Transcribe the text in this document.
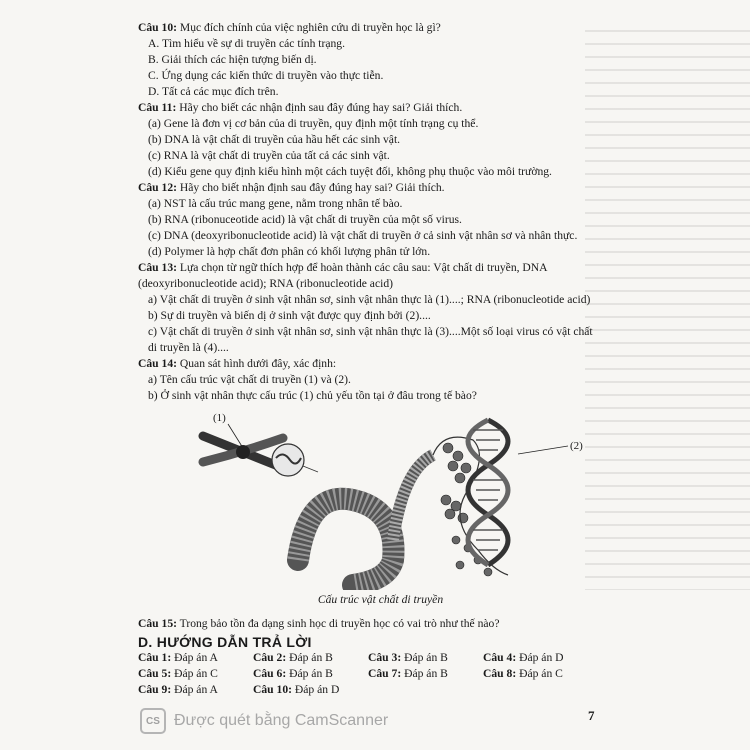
Câu 10: Mục đích chính của việc nghiên cứu di truyền học là gì?
A. Tìm hiểu về sự di truyền các tính trạng.
B. Giải thích các hiện tượng biến dị.
C. Ứng dụng các kiến thức di truyền vào thực tiễn.
D. Tất cả các mục đích trên.
Câu 11: Hãy cho biết các nhận định sau đây đúng hay sai? Giải thích.
(a) Gene là đơn vị cơ bản của di truyền, quy định một tính trạng cụ thể.
(b) DNA là vật chất di truyền của hầu hết các sinh vật.
(c) RNA là vật chất di truyền của tất cả các sinh vật.
(d) Kiểu gene quy định kiểu hình một cách tuyệt đối, không phụ thuộc vào môi trường.
Câu 12: Hãy cho biết nhận định sau đây đúng hay sai? Giải thích.
(a) NST là cấu trúc mang gene, nằm trong nhân tế bào.
(b) RNA (ribonuceotide acid) là vật chất di truyền của một số virus.
(c) DNA (deoxyribonucleotide acid) là vật chất di truyền ở cả sinh vật nhân sơ và nhân thực.
(d) Polymer là hợp chất đơn phân có khối lượng phân tử lớn.
Câu 13: Lựa chọn từ ngữ thích hợp để hoàn thành các câu sau: Vật chất di truyền, DNA (deoxyribonucleotide acid); RNA (ribonucleotide acid)
a) Vật chất di truyền ở sinh vật nhân sơ, sinh vật nhân thực là (1)....; RNA (ribonucleotide acid)
b) Sự di truyền và biến dị ở sinh vật được quy định bởi (2)....
c) Vật chất di truyền ở sinh vật nhân sơ, sinh vật nhân thực là (3)....Một số loại virus có vật chất di truyền là (4)....
Câu 14: Quan sát hình dưới đây, xác định:
a) Tên cấu trúc vật chất di truyền (1) và (2).
b) Ở sinh vật nhân thực cấu trúc (1) chủ yếu tồn tại ở đâu trong tế bào?
(1)
(2)
Cấu trúc vật chất di truyền
Câu 15: Trong bảo tồn đa dạng sinh học di truyền học có vai trò như thế nào?
D. HƯỚNG DẪN TRẢ LỜI
Câu 1: Đáp án A	Câu 2: Đáp án B	Câu 3: Đáp án B	Câu 4: Đáp án D
Câu 5: Đáp án C	Câu 6: Đáp án B	Câu 7: Đáp án B	Câu 8: Đáp án C
Câu 9: Đáp án A	Câu 10: Đáp án D
CS Được quét bằng CamScanner	7
